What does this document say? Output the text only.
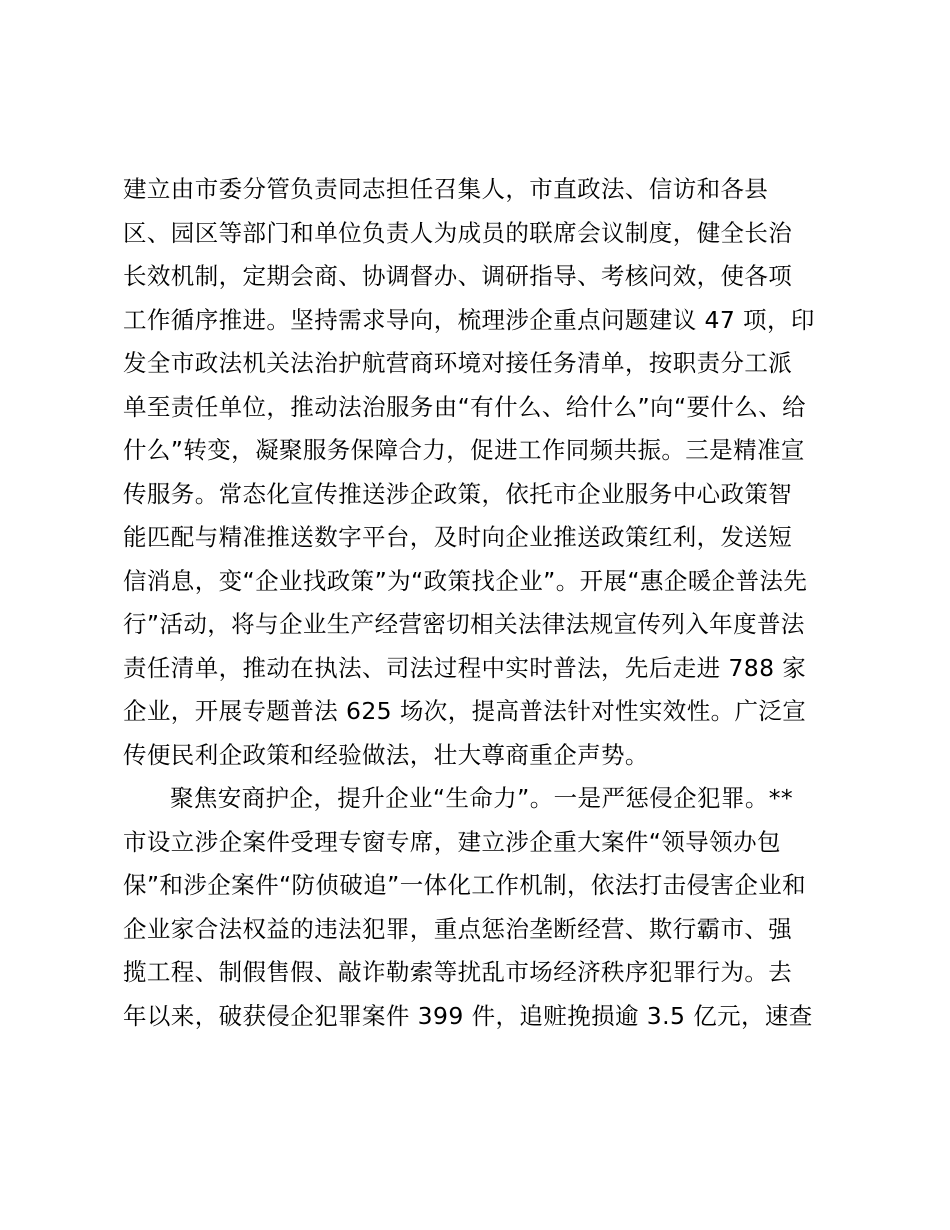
建立由市委分管负责同志担任召集人，市直政法、信访和各县
区、园区等部门和单位负责人为成员的联席会议制度，健全长治
长效机制，定期会商、协调督办、调研指导、考核问效，使各项
工作循序推进。坚持需求导向，梳理涉企重点问题建议 47 项，印
发全市政法机关法治护航营商环境对接任务清单，按职责分工派
单至责任单位，推动法治服务由“有什么、给什么”向“要什么、给
什么”转变，凝聚服务保障合力，促进工作同频共振。三是精准宣
传服务。常态化宣传推送涉企政策，依托市企业服务中心政策智
能匹配与精准推送数字平台，及时向企业推送政策红利，发送短
信消息，变“企业找政策”为“政策找企业”。开展“惠企暖企普法先
行”活动，将与企业生产经营密切相关法律法规宣传列入年度普法
责任清单，推动在执法、司法过程中实时普法，先后走进 788 家
企业，开展专题普法 625 场次，提高普法针对性实效性。广泛宣
传便民利企政策和经验做法，壮大尊商重企声势。
聚焦安商护企，提升企业“生命力”。一是严惩侵企犯罪。**
市设立涉企案件受理专窗专席，建立涉企重大案件“领导领办包
保”和涉企案件“防侦破追”一体化工作机制，依法打击侵害企业和
企业家合法权益的违法犯罪，重点惩治垄断经营、欺行霸市、强
揽工程、制假售假、敲诈勒索等扰乱市场经济秩序犯罪行为。去
年以来，破获侵企犯罪案件 399 件，追赃挽损逾 3.5 亿元，速查
